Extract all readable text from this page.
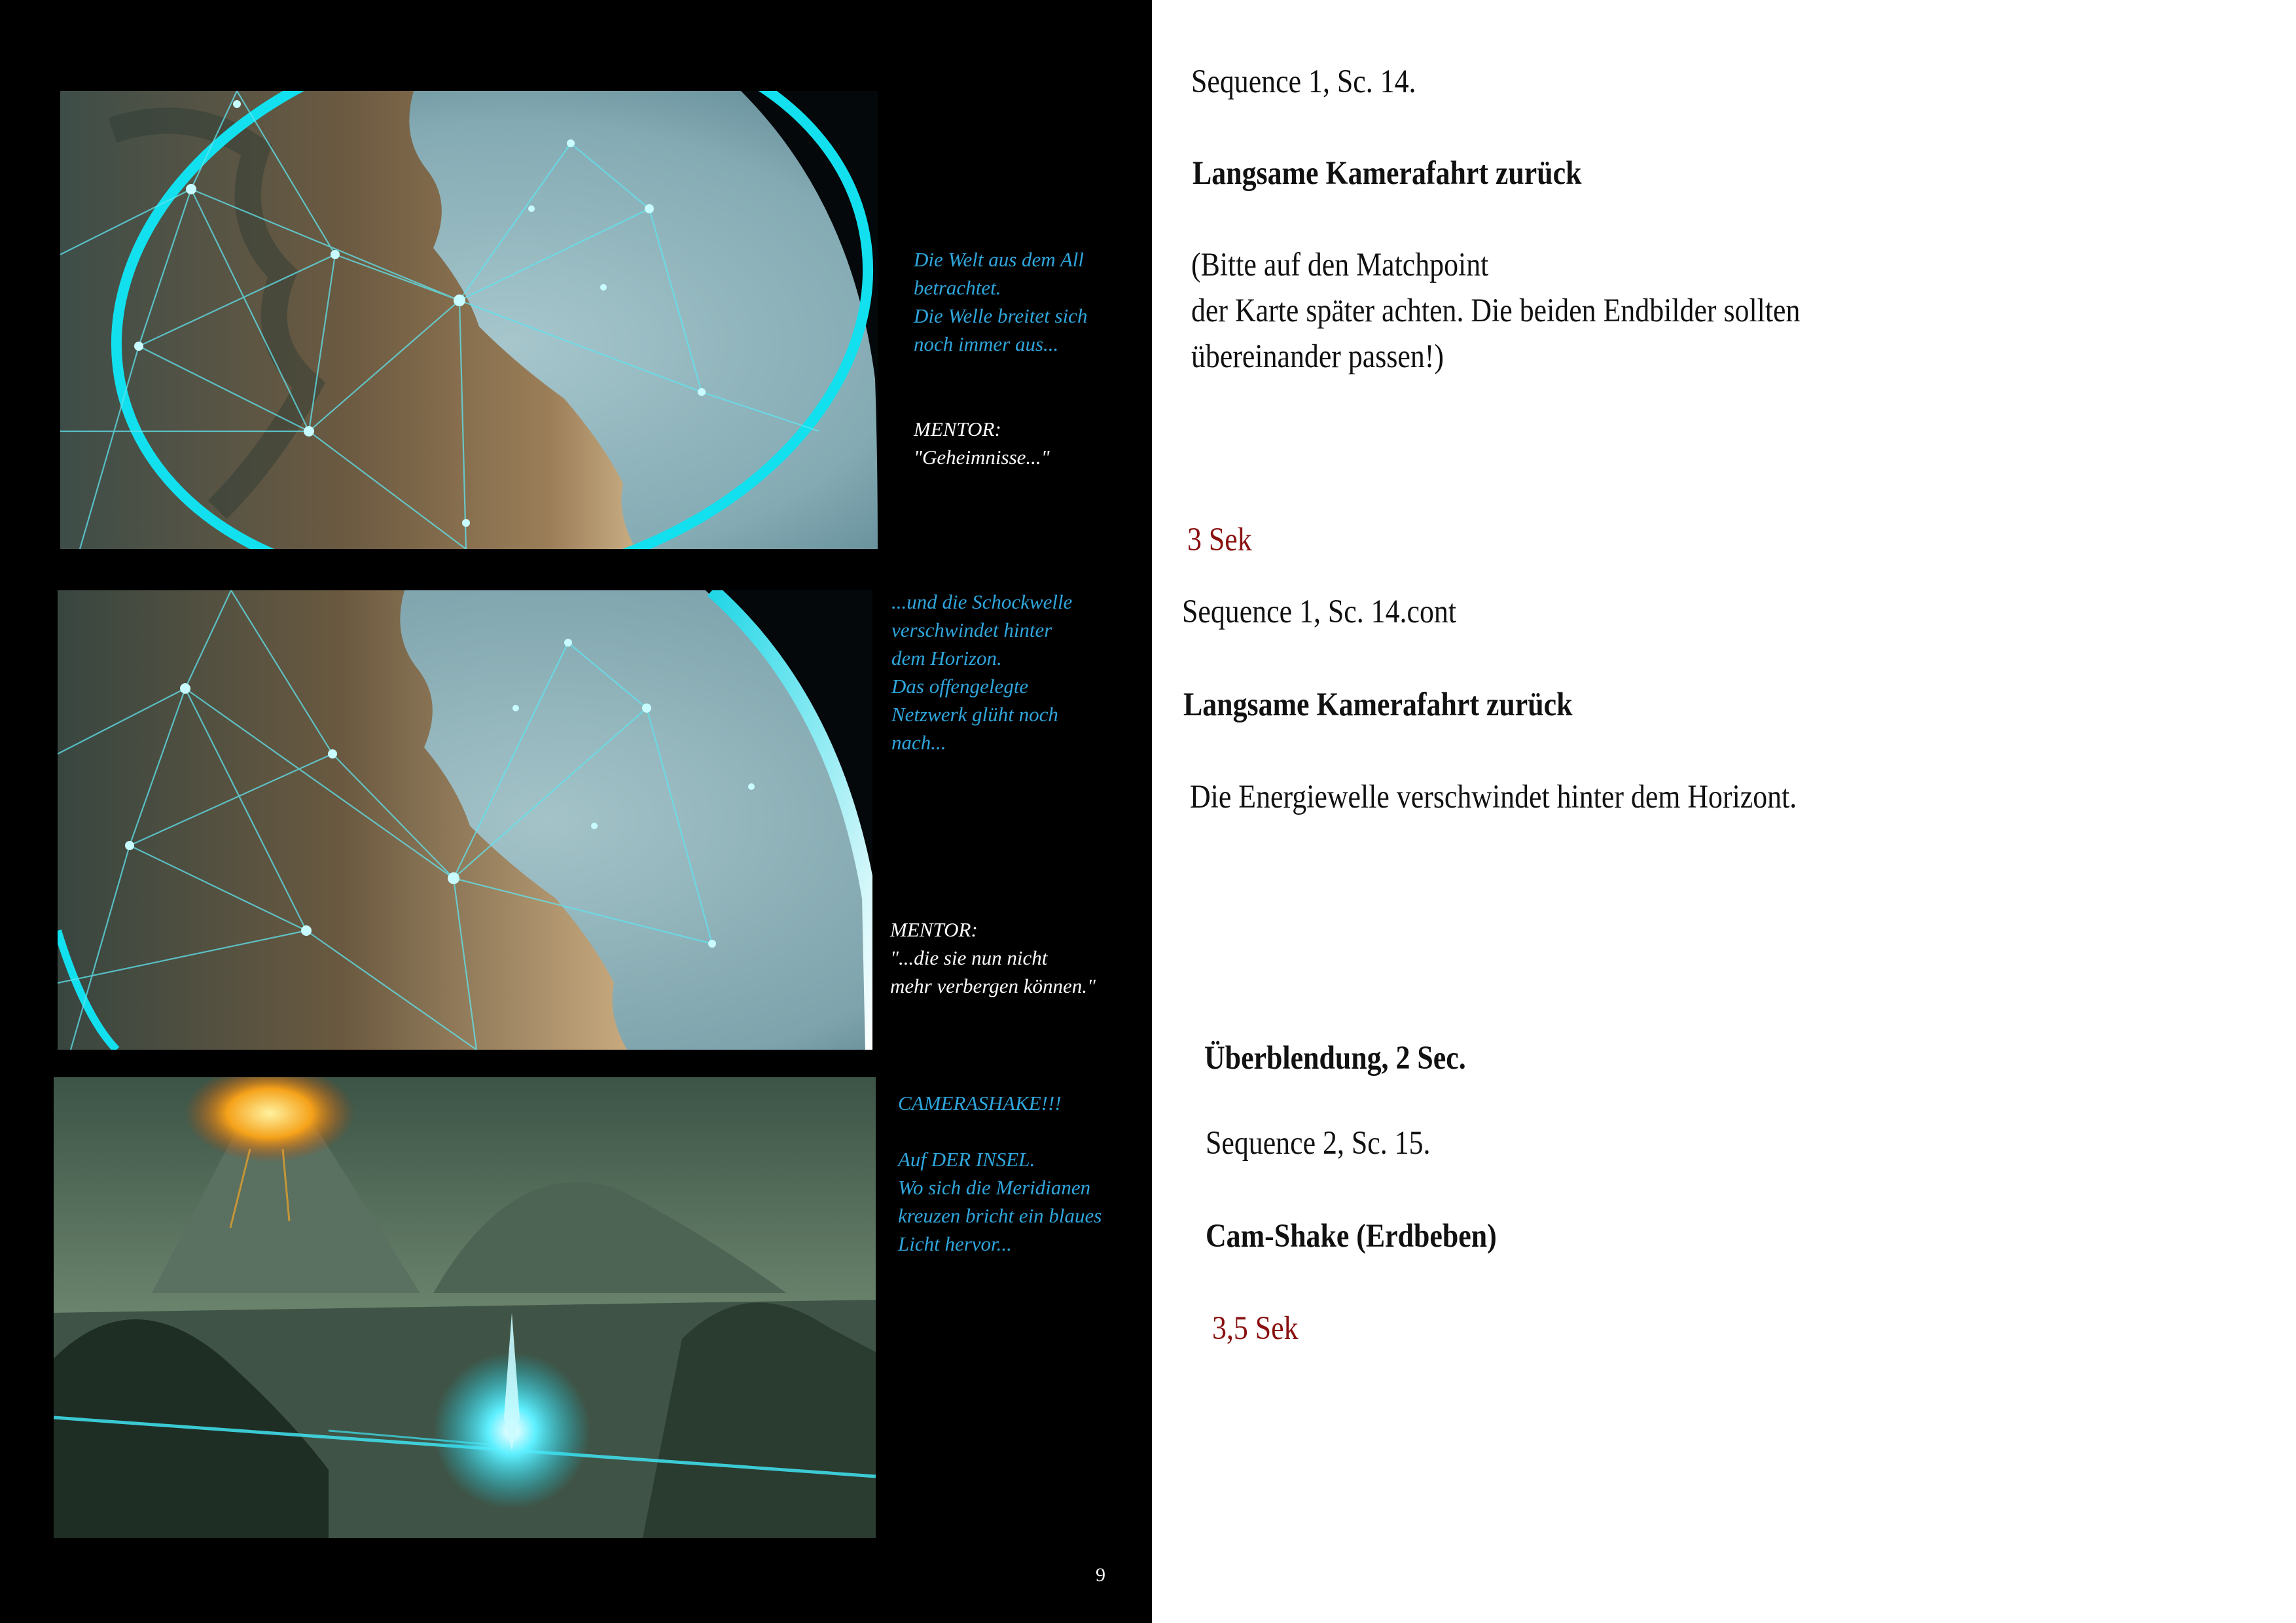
Die Welt aus dem All
betrachtet.
Die Welle breitet sich
noch immer aus...
MENTOR:
"Geheimnisse..."
...und die Schockwelle
verschwindet hinter
dem Horizon.
Das offengelegte
Netzwerk glüht noch
nach...
MENTOR:
"...die sie nun nicht
mehr verbergen können."
CAMERASHAKE!!!

Auf DER INSEL.
Wo sich die Meridianen
kreuzen bricht ein blaues
Licht hervor...
9
Sequence 1, Sc. 14.
Langsame Kamerafahrt zurück
(Bitte auf den Matchpoint
der Karte später achten. Die beiden Endbilder sollten
übereinander passen!)
3 Sek
Sequence 1, Sc. 14.cont
Langsame Kamerafahrt zurück
Die Energiewelle verschwindet hinter dem Horizont.
Überblendung, 2 Sec.
Sequence 2, Sc. 15.
Cam-Shake (Erdbeben)
3,5 Sek
